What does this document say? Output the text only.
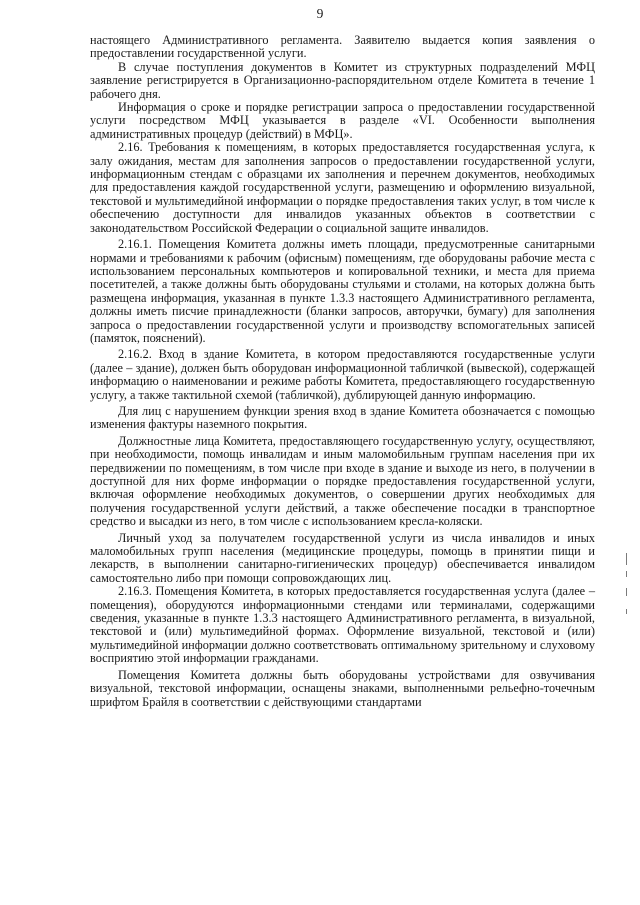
9

настоящего Административного регламента. Заявителю выдается копия заявления о предоставлении государственной услуги.

В случае поступления документов в Комитет из структурных подразделений МФЦ заявление регистрируется в Организационно-распорядительном отделе Комитета в течение 1 рабочего дня.

Информация о сроке и порядке регистрации запроса о предоставлении государственной услуги посредством МФЦ указывается в разделе «VI. Особенности выполнения административных процедур (действий) в МФЦ».

2.16. Требования к помещениям, в которых предоставляется государственная услуга, к залу ожидания, местам для заполнения запросов о предоставлении государственной услуги, информационным стендам с образцами их заполнения и перечнем документов, необходимых для предоставления каждой государственной услуги, размещению и оформлению визуальной, текстовой и мультимедийной информации о порядке предоставления таких услуг, в том числе к обеспечению доступности для инвалидов указанных объектов в соответствии с законодательством Российской Федерации о социальной защите инвалидов.

2.16.1. Помещения Комитета должны иметь площади, предусмотренные санитарными нормами и требованиями к рабочим (офисным) помещениям, где оборудованы рабочие места с использованием персональных компьютеров и копировальной техники, и места для приема посетителей, а также должны быть оборудованы стульями и столами, на которых должна быть размещена информация, указанная в пункте 1.3.3 настоящего Административного регламента, должны иметь писчие принадлежности (бланки запросов, авторучки, бумагу) для заполнения запроса о предоставлении государственной услуги и производству вспомогательных записей (памяток, пояснений).

2.16.2. Вход в здание Комитета, в котором предоставляются государственные услуги (далее – здание), должен быть оборудован информационной табличкой (вывеской), содержащей информацию о наименовании и режиме работы Комитета, предоставляющего государственную услугу, а также тактильной схемой (табличкой), дублирующей данную информацию.

Для лиц с нарушением функции зрения вход в здание Комитета обозначается с помощью изменения фактуры наземного покрытия.

Должностные лица Комитета, предоставляющего государственную услугу, осуществляют, при необходимости, помощь инвалидам и иным маломобильным группам населения при их передвижении по помещениям, в том числе при входе в здание и выходе из него, в получении в доступной для них форме информации о порядке предоставления государственной услуги, включая оформление необходимых документов, о совершении других необходимых для получения государственной услуги действий, а также обеспечение посадки в транспортное средство и высадки из него, в том числе с использованием кресла-коляски.

Личный уход за получателем государственной услуги из числа инвалидов и иных маломобильных групп населения (медицинские процедуры, помощь в принятии пищи и лекарств, в выполнении санитарно-гигиенических процедур) обеспечивается инвалидом самостоятельно либо при помощи сопровождающих лиц.

2.16.3. Помещения Комитета, в которых предоставляется государственная услуга (далее – помещения), оборудуются информационными стендами или терминалами, содержащими сведения, указанные в пункте 1.3.3 настоящего Административного регламента, в визуальной, текстовой и (или) мультимедийной формах. Оформление визуальной, текстовой и (или) мультимедийной информации должно соответствовать оптимальному зрительному и слуховому восприятию этой информации гражданами.

Помещения Комитета должны быть оборудованы устройствами для озвучивания визуальной, текстовой информации, оснащены знаками, выполненными рельефно-точечным шрифтом Брайля в соответствии с действующими стандартами
